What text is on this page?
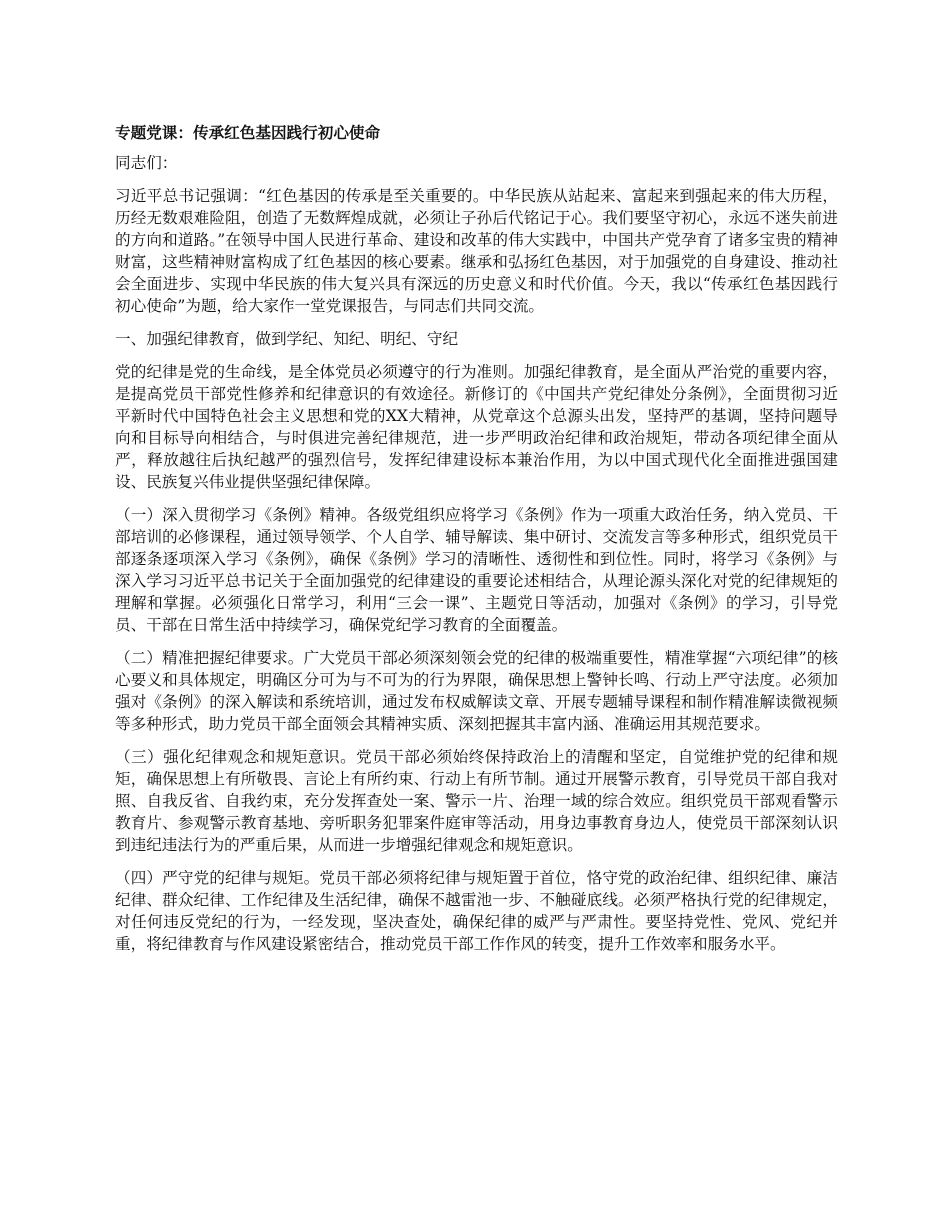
专题党课：传承红色基因践行初心使命

同志们：

习近平总书记强调：“红色基因的传承是至关重要的。中华民族从站起来、富起来到强起来的伟大历程，历经无数艰难险阻，创造了无数辉煌成就，必须让子孙后代铭记于心。我们要坚守初心，永远不迷失前进的方向和道路。”在领导中国人民进行革命、建设和改革的伟大实践中，中国共产党孕育了诸多宝贵的精神财富，这些精神财富构成了红色基因的核心要素。继承和弘扬红色基因，对于加强党的自身建设、推动社会全面进步、实现中华民族的伟大复兴具有深远的历史意义和时代价值。今天，我以“传承红色基因践行初心使命”为题，给大家作一堂党课报告，与同志们共同交流。

一、加强纪律教育，做到学纪、知纪、明纪、守纪

党的纪律是党的生命线，是全体党员必须遵守的行为准则。加强纪律教育，是全面从严治党的重要内容，是提高党员干部党性修养和纪律意识的有效途径。新修订的《中国共产党纪律处分条例》，全面贯彻习近平新时代中国特色社会主义思想和党的XX大精神，从党章这个总源头出发，坚持严的基调，坚持问题导向和目标导向相结合，与时俱进完善纪律规范，进一步严明政治纪律和政治规矩，带动各项纪律全面从严，释放越往后执纪越严的强烈信号，发挥纪律建设标本兼治作用，为以中国式现代化全面推进强国建设、民族复兴伟业提供坚强纪律保障。

（一）深入贯彻学习《条例》精神。各级党组织应将学习《条例》作为一项重大政治任务，纳入党员、干部培训的必修课程，通过领导领学、个人自学、辅导解读、集中研讨、交流发言等多种形式，组织党员干部逐条逐项深入学习《条例》，确保《条例》学习的清晰性、透彻性和到位性。同时，将学习《条例》与深入学习习近平总书记关于全面加强党的纪律建设的重要论述相结合，从理论源头深化对党的纪律规矩的理解和掌握。必须强化日常学习，利用“三会一课”、主题党日等活动，加强对《条例》的学习，引导党员、干部在日常生活中持续学习，确保党纪学习教育的全面覆盖。

（二）精准把握纪律要求。广大党员干部必须深刻领会党的纪律的极端重要性，精准掌握“六项纪律”的核心要义和具体规定，明确区分可为与不可为的行为界限，确保思想上警钟长鸣、行动上严守法度。必须加强对《条例》的深入解读和系统培训，通过发布权威解读文章、开展专题辅导课程和制作精准解读微视频等多种形式，助力党员干部全面领会其精神实质、深刻把握其丰富内涵、准确运用其规范要求。

（三）强化纪律观念和规矩意识。党员干部必须始终保持政治上的清醒和坚定，自觉维护党的纪律和规矩，确保思想上有所敬畏、言论上有所约束、行动上有所节制。通过开展警示教育，引导党员干部自我对照、自我反省、自我约束，充分发挥查处一案、警示一片、治理一域的综合效应。组织党员干部观看警示教育片、参观警示教育基地、旁听职务犯罪案件庭审等活动，用身边事教育身边人，使党员干部深刻认识到违纪违法行为的严重后果，从而进一步增强纪律观念和规矩意识。

（四）严守党的纪律与规矩。党员干部必须将纪律与规矩置于首位，恪守党的政治纪律、组织纪律、廉洁纪律、群众纪律、工作纪律及生活纪律，确保不越雷池一步、不触碰底线。必须严格执行党的纪律规定，对任何违反党纪的行为，一经发现，坚决查处，确保纪律的威严与严肃性。要坚持党性、党风、党纪并重，将纪律教育与作风建设紧密结合，推动党员干部工作作风的转变，提升工作效率和服务水平。
